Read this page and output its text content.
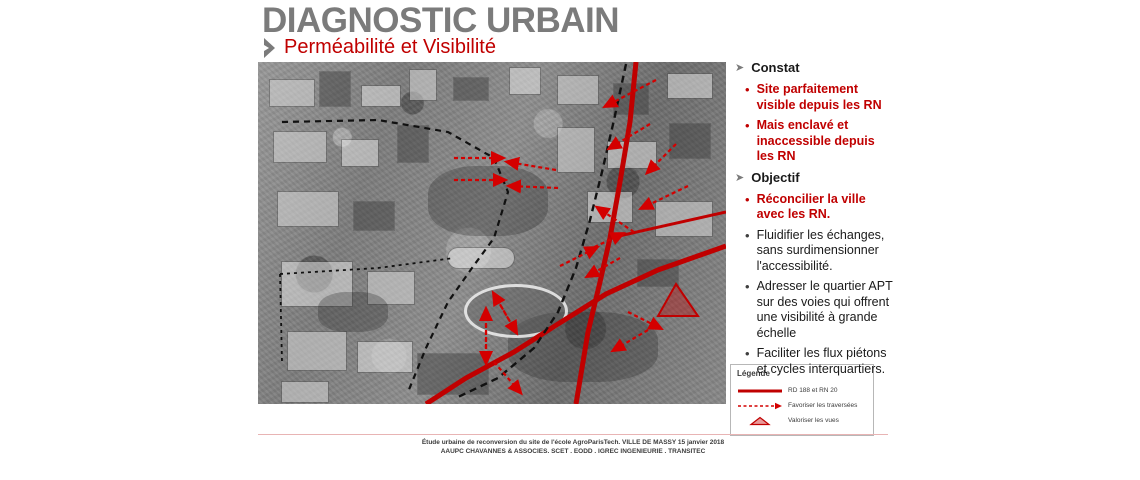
DIAGNOSTIC URBAIN
Perméabilité et Visibilité
Légende
RD 188 et RN 20
Favoriser les traversées
Valoriser les vues
➤ Constat
• Site parfaitement visible depuis les RN
• Mais enclavé et inaccessible depuis les RN
➤ Objectif
• Réconcilier la ville avec les RN.
• Fluidifier les échanges, sans surdimensionner l'accessibilité.
• Adresser le quartier APT sur des voies qui offrent une visibilité à grande échelle
• Faciliter les flux piétons et cycles interquartiers.
Étude urbaine de reconversion du site de l'école AgroParisTech. VILLE DE MASSY 15 janvier 2018
AAUPC CHAVANNES & ASSOCIES. SCET . EODD . IGREC INGENIEURIE . TRANSITEC
